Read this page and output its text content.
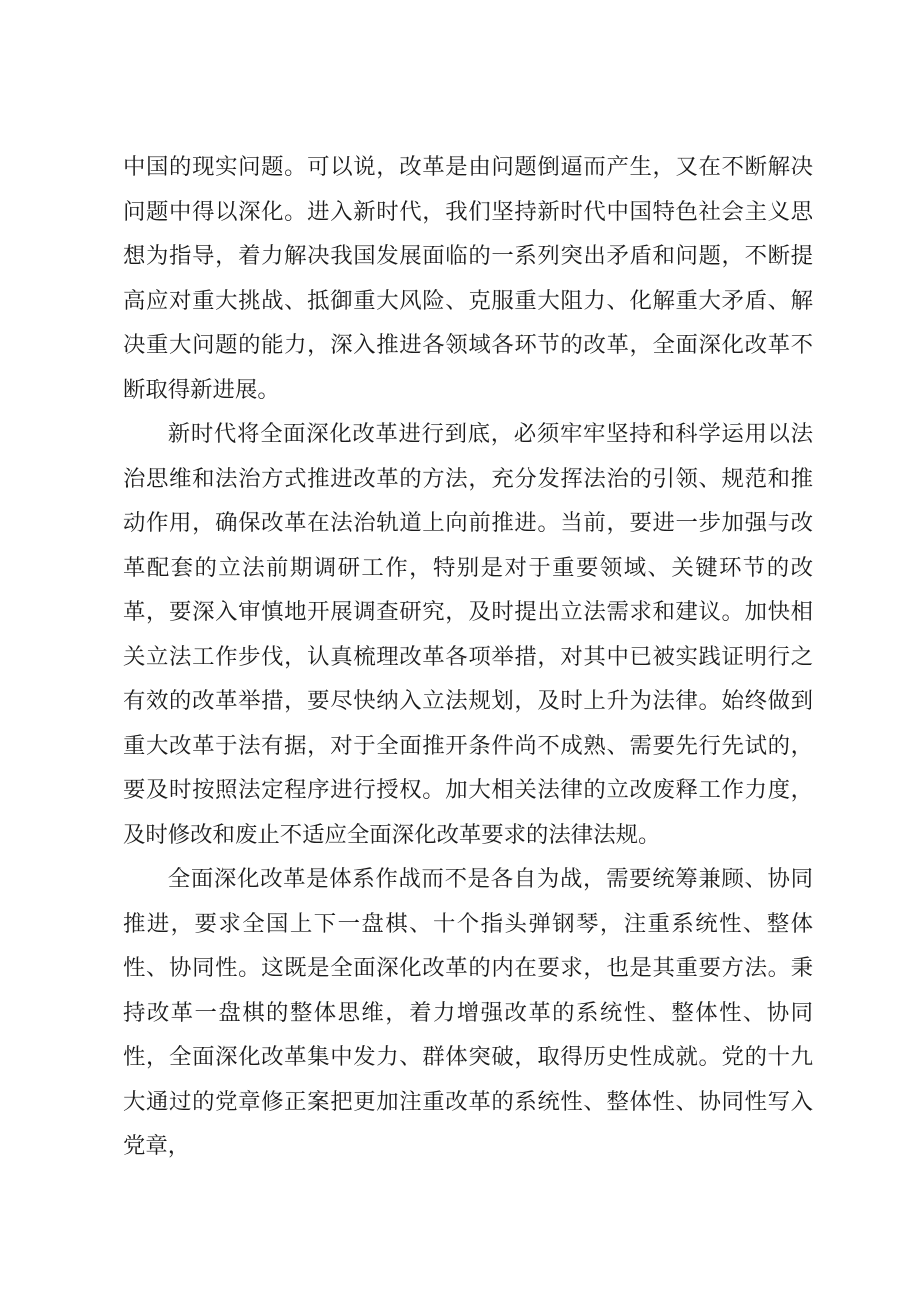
中国的现实问题。可以说，改革是由问题倒逼而产生，又在不断解决问题中得以深化。进入新时代，我们坚持新时代中国特色社会主义思想为指导，着力解决我国发展面临的一系列突出矛盾和问题，不断提高应对重大挑战、抵御重大风险、克服重大阻力、化解重大矛盾、解决重大问题的能力，深入推进各领域各环节的改革，全面深化改革不断取得新进展。

新时代将全面深化改革进行到底，必须牢牢坚持和科学运用以法治思维和法治方式推进改革的方法，充分发挥法治的引领、规范和推动作用，确保改革在法治轨道上向前推进。当前，要进一步加强与改革配套的立法前期调研工作，特别是对于重要领域、关键环节的改革，要深入审慎地开展调查研究，及时提出立法需求和建议。加快相关立法工作步伐，认真梳理改革各项举措，对其中已被实践证明行之有效的改革举措，要尽快纳入立法规划，及时上升为法律。始终做到重大改革于法有据，对于全面推开条件尚不成熟、需要先行先试的，要及时按照法定程序进行授权。加大相关法律的立改废释工作力度，及时修改和废止不适应全面深化改革要求的法律法规。

全面深化改革是体系作战而不是各自为战，需要统筹兼顾、协同推进，要求全国上下一盘棋、十个指头弹钢琴，注重系统性、整体性、协同性。这既是全面深化改革的内在要求，也是其重要方法。秉持改革一盘棋的整体思维，着力增强改革的系统性、整体性、协同性，全面深化改革集中发力、群体突破，取得历史性成就。党的十九大通过的党章修正案把更加注重改革的系统性、整体性、协同性写入党章，
